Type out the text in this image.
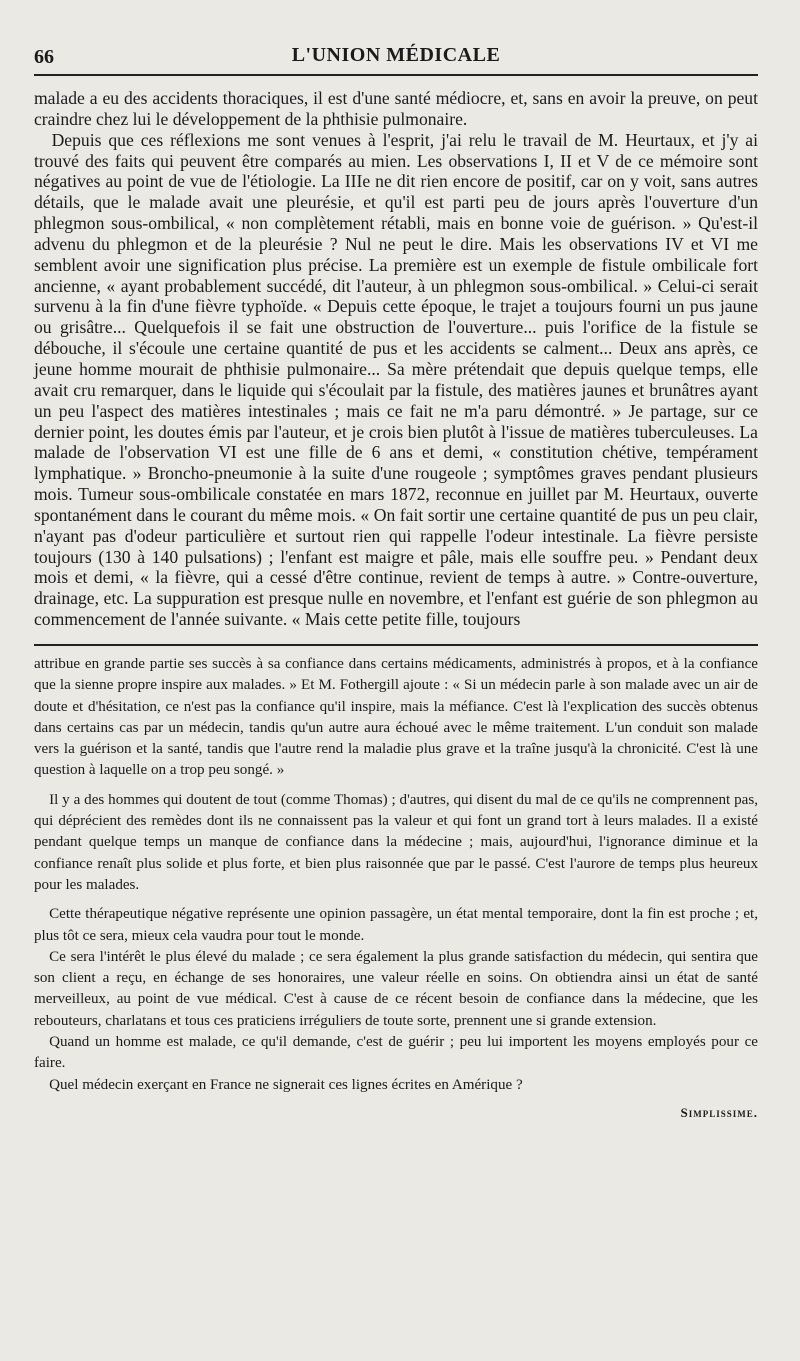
66	L'UNION MÉDICALE

malade a eu des accidents thoraciques, il est d'une santé médiocre, et, sans en avoir la preuve, on peut craindre chez lui le développement de la phthisie pulmonaire.

Depuis que ces réflexions me sont venues à l'esprit, j'ai relu le travail de M. Heurtaux, et j'y ai trouvé des faits qui peuvent être comparés au mien. Les observations I, II et V de ce mémoire sont négatives au point de vue de l'étiologie. La IIIe ne dit rien encore de positif, car on y voit, sans autres détails, que le malade avait une pleurésie, et qu'il est parti peu de jours après l'ouverture d'un phlegmon sous-ombilical, « non complètement rétabli, mais en bonne voie de guérison. » Qu'est-il advenu du phlegmon et de la pleurésie ? Nul ne peut le dire. Mais les observations IV et VI me semblent avoir une signification plus précise. La première est un exemple de fistule ombilicale fort ancienne, « ayant probablement succédé, dit l'auteur, à un phlegmon sous-ombilical. » Celui-ci serait survenu à la fin d'une fièvre typhoïde. « Depuis cette époque, le trajet a toujours fourni un pus jaune ou grisâtre... Quelquefois il se fait une obstruction de l'ouverture... puis l'orifice de la fistule se débouche, il s'écoule une certaine quantité de pus et les accidents se calment... Deux ans après, ce jeune homme mourait de phthisie pulmonaire... Sa mère prétendait que depuis quelque temps, elle avait cru remarquer, dans le liquide qui s'écoulait par la fistule, des matières jaunes et brunâtres ayant un peu l'aspect des matières intestinales ; mais ce fait ne m'a paru démontré. » Je partage, sur ce dernier point, les doutes émis par l'auteur, et je crois bien plutôt à l'issue de matières tuberculeuses. La malade de l'observation VI est une fille de 6 ans et demi, « constitution chétive, tempérament lymphatique. » Broncho-pneumonie à la suite d'une rougeole ; symptômes graves pendant plusieurs mois. Tumeur sous-ombilicale constatée en mars 1872, reconnue en juillet par M. Heurtaux, ouverte spontanément dans le courant du même mois. « On fait sortir une certaine quantité de pus un peu clair, n'ayant pas d'odeur particulière et surtout rien qui rappelle l'odeur intestinale. La fièvre persiste toujours (130 à 140 pulsations) ; l'enfant est maigre et pâle, mais elle souffre peu. » Pendant deux mois et demi, « la fièvre, qui a cessé d'être continue, revient de temps à autre. » Contre-ouverture, drainage, etc. La suppuration est presque nulle en novembre, et l'enfant est guérie de son phlegmon au commencement de l'année suivante. « Mais cette petite fille, toujours

attribue en grande partie ses succès à sa confiance dans certains médicaments, administrés à propos, et à la confiance que la sienne propre inspire aux malades. » Et M. Fothergill ajoute : « Si un médecin parle à son malade avec un air de doute et d'hésitation, ce n'est pas la confiance qu'il inspire, mais la méfiance. C'est là l'explication des succès obtenus dans certains cas par un médecin, tandis qu'un autre aura échoué avec le même traitement. L'un conduit son malade vers la guérison et la santé, tandis que l'autre rend la maladie plus grave et la traîne jusqu'à la chronicité. C'est là une question à laquelle on a trop peu songé. »

Il y a des hommes qui doutent de tout (comme Thomas) ; d'autres, qui disent du mal de ce qu'ils ne comprennent pas, qui déprécient des remèdes dont ils ne connaissent pas la valeur et qui font un grand tort à leurs malades. Il a existé pendant quelque temps un manque de confiance dans la médecine ; mais, aujourd'hui, l'ignorance diminue et la confiance renaît plus solide et plus forte, et bien plus raisonnée que par le passé. C'est l'aurore de temps plus heureux pour les malades.

Cette thérapeutique négative représente une opinion passagère, un état mental temporaire, dont la fin est proche ; et, plus tôt ce sera, mieux cela vaudra pour tout le monde.

Ce sera l'intérêt le plus élevé du malade ; ce sera également la plus grande satisfaction du médecin, qui sentira que son client a reçu, en échange de ses honoraires, une valeur réelle en soins. On obtiendra ainsi un état de santé merveilleux, au point de vue médical. C'est à cause de ce récent besoin de confiance dans la médecine, que les rebouteurs, charlatans et tous ces praticiens irréguliers de toute sorte, prennent une si grande extension.

Quand un homme est malade, ce qu'il demande, c'est de guérir ; peu lui importent les moyens employés pour ce faire.

Quel médecin exerçant en France ne signerait ces lignes écrites en Amérique ?

Simplissime.
